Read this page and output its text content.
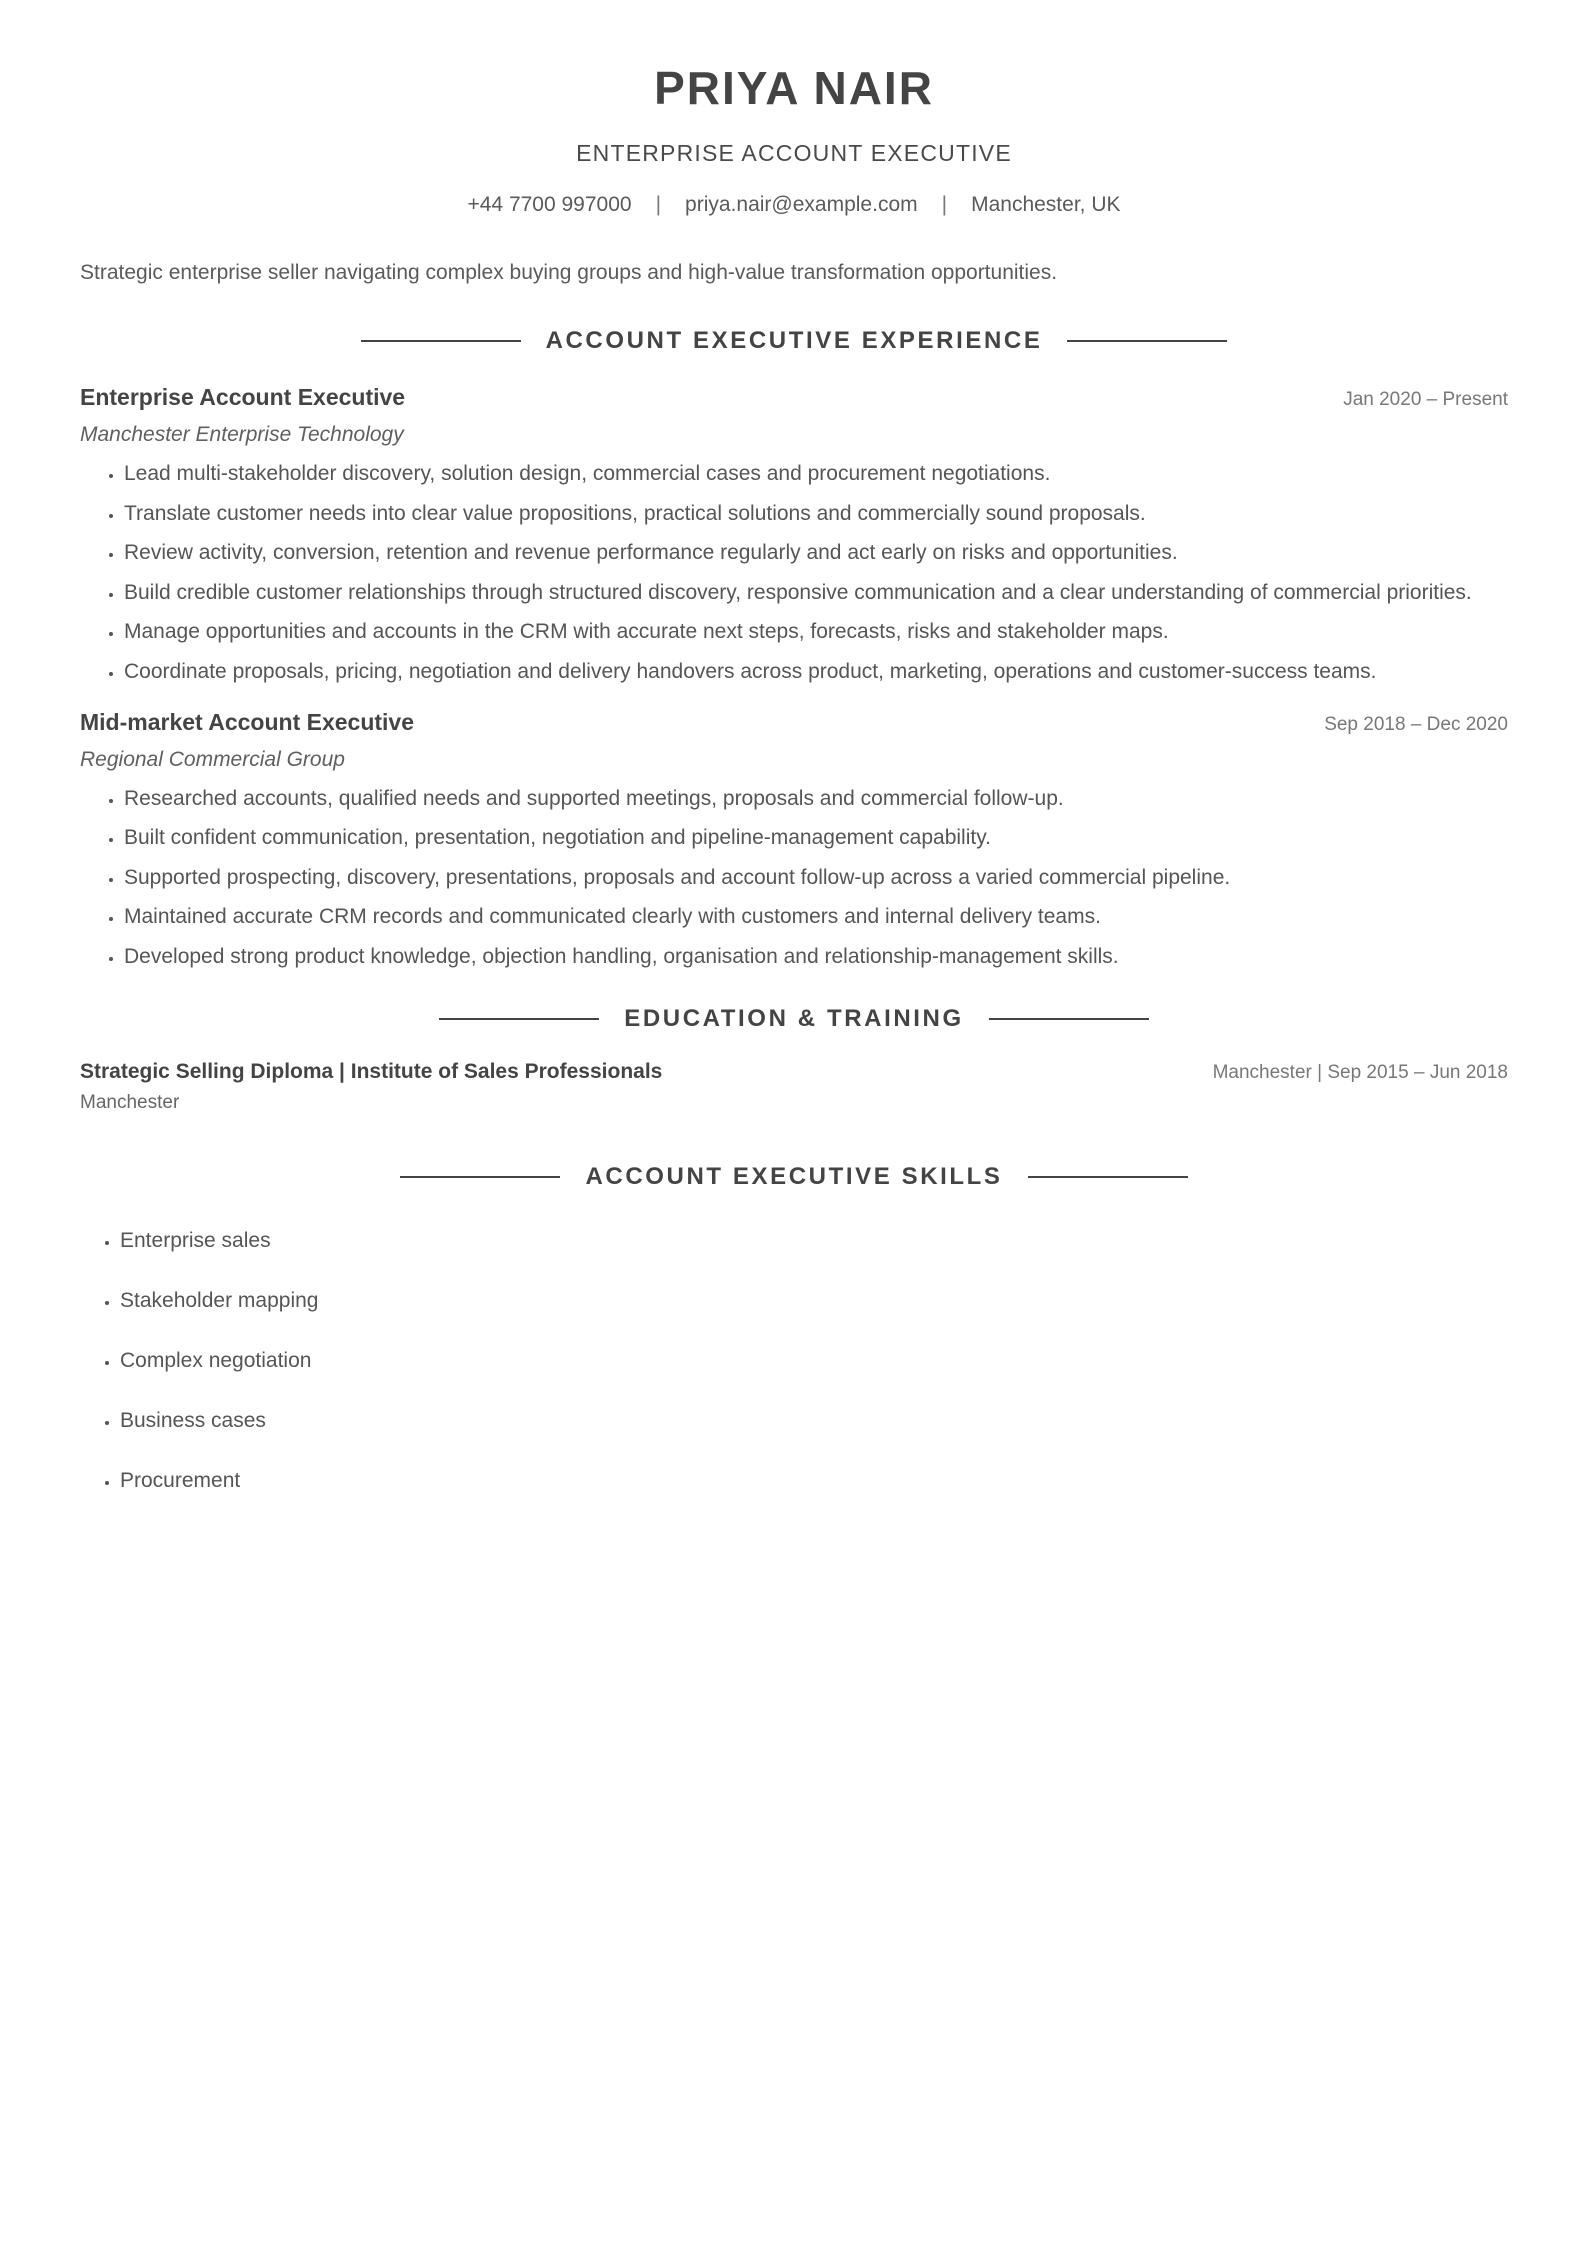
PRIYA NAIR
ENTERPRISE ACCOUNT EXECUTIVE
+44 7700 997000 | priya.nair@example.com | Manchester, UK
Strategic enterprise seller navigating complex buying groups and high-value transformation opportunities.
ACCOUNT EXECUTIVE EXPERIENCE
Enterprise Account Executive	Jan 2020 – Present
Manchester Enterprise Technology
• Lead multi-stakeholder discovery, solution design, commercial cases and procurement negotiations.
• Translate customer needs into clear value propositions, practical solutions and commercially sound proposals.
• Review activity, conversion, retention and revenue performance regularly and act early on risks and opportunities.
• Build credible customer relationships through structured discovery, responsive communication and a clear understanding of commercial priorities.
• Manage opportunities and accounts in the CRM with accurate next steps, forecasts, risks and stakeholder maps.
• Coordinate proposals, pricing, negotiation and delivery handovers across product, marketing, operations and customer-success teams.
Mid-market Account Executive	Sep 2018 – Dec 2020
Regional Commercial Group
• Researched accounts, qualified needs and supported meetings, proposals and commercial follow-up.
• Built confident communication, presentation, negotiation and pipeline-management capability.
• Supported prospecting, discovery, presentations, proposals and account follow-up across a varied commercial pipeline.
• Maintained accurate CRM records and communicated clearly with customers and internal delivery teams.
• Developed strong product knowledge, objection handling, organisation and relationship-management skills.
EDUCATION & TRAINING
Strategic Selling Diploma | Institute of Sales Professionals	Manchester | Sep 2015 – Jun 2018
Manchester
ACCOUNT EXECUTIVE SKILLS
• Enterprise sales
• Stakeholder mapping
• Complex negotiation
• Business cases
• Procurement
